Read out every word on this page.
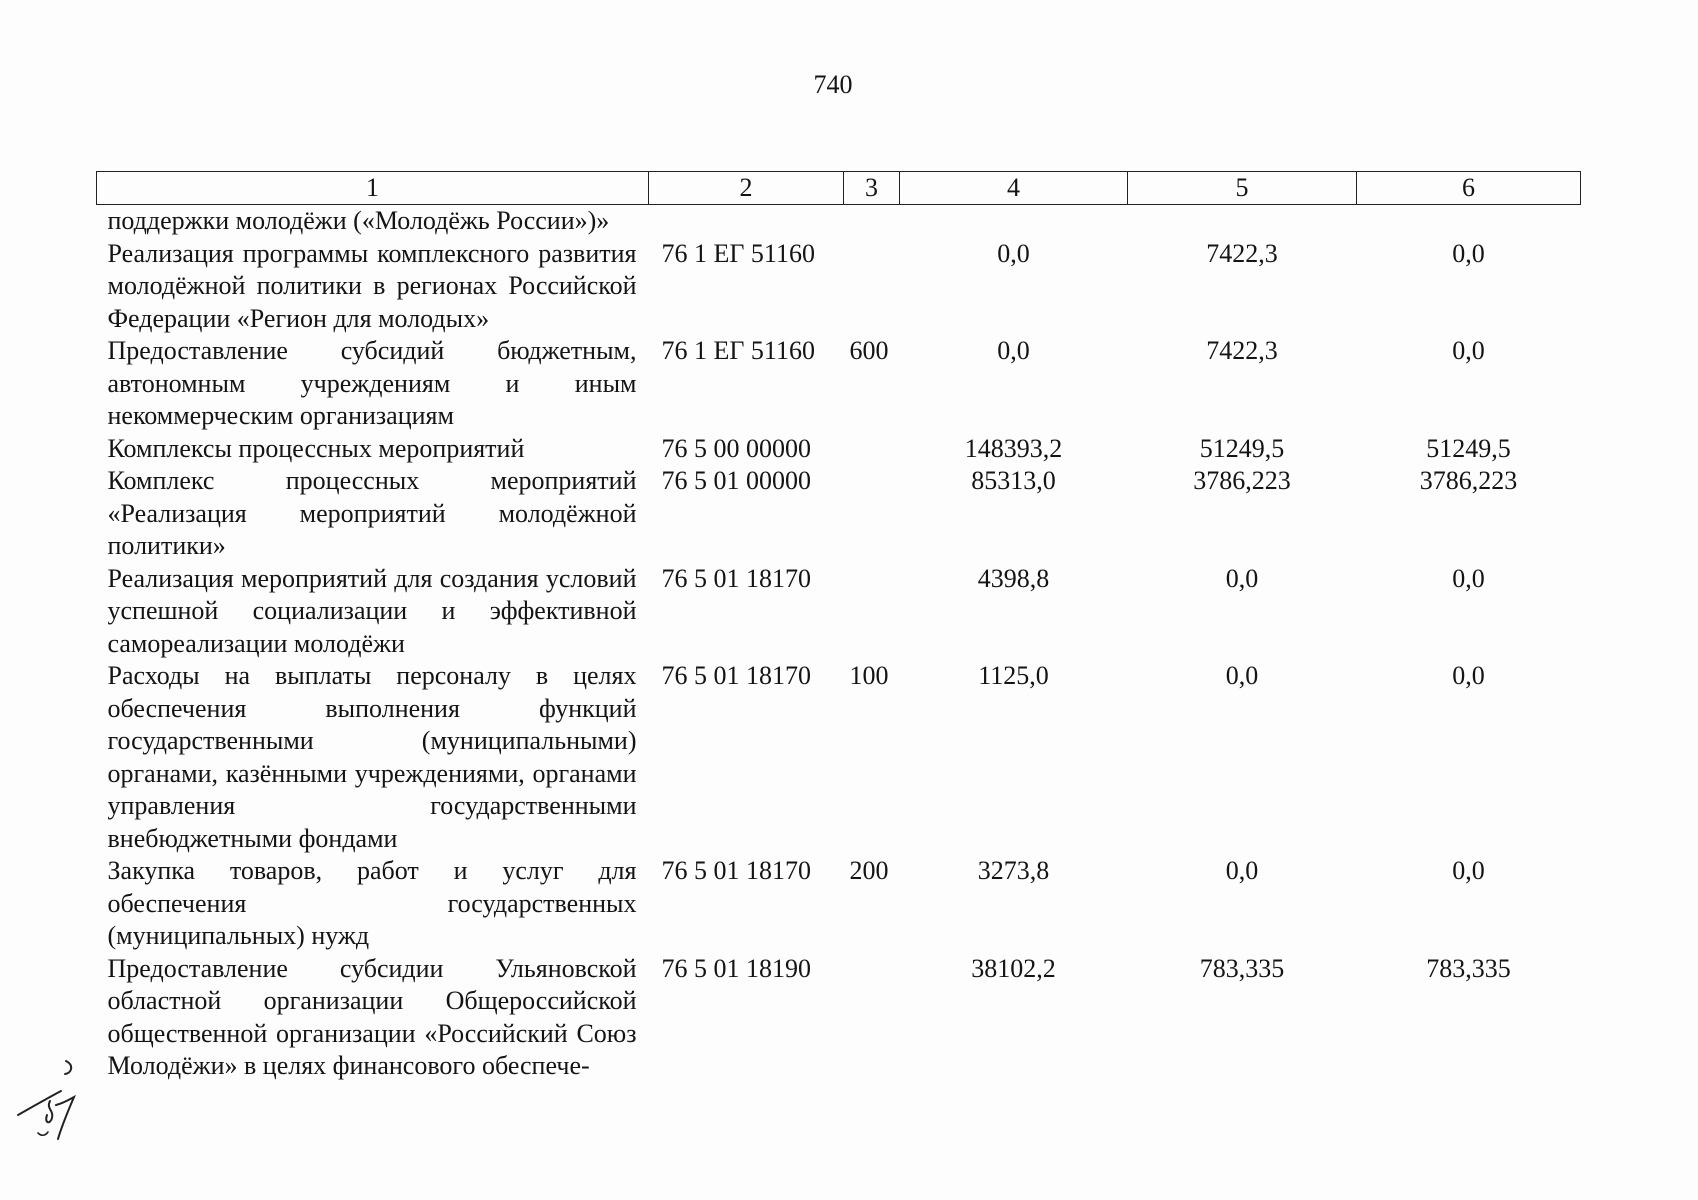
740
1	2	3	4	5	6
поддержки молодёжи («Молодёжь России»)»					
Реализация программы комплексного развития молодёжной политики в регионах Российской Федерации «Регион для молодых»	76 1 ЕГ 51160		0,0	7422,3	0,0
Предоставление субсидий бюджетным, автономным учреждениям и иным некоммерческим организациям	76 1 ЕГ 51160	600	0,0	7422,3	0,0
Комплексы процессных мероприятий	76 5 00 00000		148393,2	51249,5	51249,5
Комплекс процессных мероприятий «Реализация мероприятий молодёжной политики»	76 5 01 00000		85313,0	3786,223	3786,223
Реализация мероприятий для создания условий успешной социализации и эффективной самореализации молодёжи	76 5 01 18170		4398,8	0,0	0,0
Расходы на выплаты персоналу в целях обеспечения выполнения функций государственными (муниципальными) органами, казёнными учреждениями, органами управления государственными внебюджетными фондами	76 5 01 18170	100	1125,0	0,0	0,0
Закупка товаров, работ и услуг для обеспечения государственных (муниципальных) нужд	76 5 01 18170	200	3273,8	0,0	0,0
Предоставление субсидии Ульяновской областной организации Общероссийской общественной организации «Российский Союз Молодёжи» в целях финансового обеспече-	76 5 01 18190		38102,2	783,335	783,335
